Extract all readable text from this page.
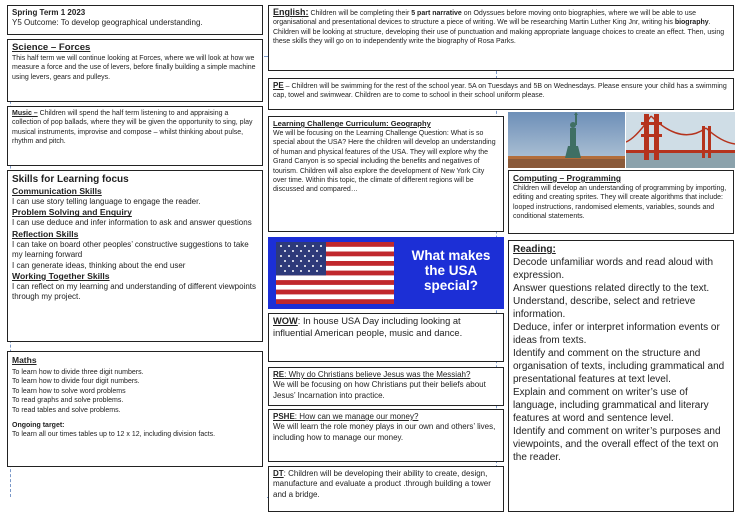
Spring Term 1 2023
Y5 Outcome: To develop geographical understanding.
Science – Forces
This half term we will continue looking at Forces, where we will look at how we measure a force and the use of levers, before finally building a simple machine using levers, gears and pulleys.
Music – Children will spend the half term listening to and appraising a collection of pop ballads, where they will be given the opportunity to sing, play musical instruments, improvise and compose – whilst thinking about pulse, rhythm and pitch.
Skills for Learning focus
Communication Skills
I can use story telling language to engage the reader.
Problem Solving and Enquiry
I can use deduce and infer information to ask and answer questions
Reflection Skills
I can take on board other peoples’ constructive suggestions to take my learning forward
I can generate ideas, thinking about the end user
Working Together Skills
I can reflect on my learning and understanding of different viewpoints through my project.
Maths
To learn how to divide three digit numbers.
To learn how to divide four digit numbers.
To learn how to solve word problems
To read graphs and solve problems.
To read tables and solve problems.
Ongoing target:
To learn all our times tables up to 12 x 12, including division facts.
English: Children will be completing their 5 part narrative on Odyssues before moving onto biographies, where we will be able to use organisational and presentational devices to structure a piece of writing. We will be researching Martin Luther King Jnr, writing his biography. Children will be looking at structure, developing their use of punctuation and making appropriate language choices to create an effect. Then, using these skills they will go on to independently write the biography of Rosa Parks.
PE – Children will be swimming for the rest of the school year. 5A on Tuesdays and 5B on Wednesdays. Please ensure your child has a swimming cap, towel and swimwear. Children are to come to school in their school uniform please.
Learning Challenge Curriculum: Geography
We will be focusing on the Learning Challenge Question: What is so special about the USA? Here the children will develop an understanding of human and physical features of the USA. They will explore why the Grand Canyon is so special including the benefits and negatives of tourism. Children will also explore the development of New York City over time. Within this topic, the climate of different regions will be discussed and compared…
Computing – Programming
Children will develop an understanding of programming by importing, editing and creating sprites. They will create algorithms that include: looped instructions, randomised elements, variables, sounds and conditional statements.
What makes the USA special?
WOW: In house USA Day including looking at influential American people, music and dance.
RE: Why do Christians believe Jesus was the Messiah?
We will be focusing on how Christians put their beliefs about Jesus’ Incarnation into practice.
PSHE: How can we manage our money?
We will learn the role money plays in our own and others’ lives, including how to manage our money.
DT: Children will be developing their ability to create, design, manufacture and evaluate a product .through building a tower and a bridge.
Reading:
Decode unfamiliar words and read aloud with expression.
Answer questions related directly to the text.
Understand, describe, select and retrieve information.
Deduce, infer or interpret information events or ideas from texts.
Identify and comment on the structure and organisation of texts, including grammatical and presentational features at text level.
Explain and comment on writer’s use of language, including grammatical and literary features at word and sentence level.
Identify and comment on writer’s purposes and viewpoints, and the overall effect of the text on the reader.
